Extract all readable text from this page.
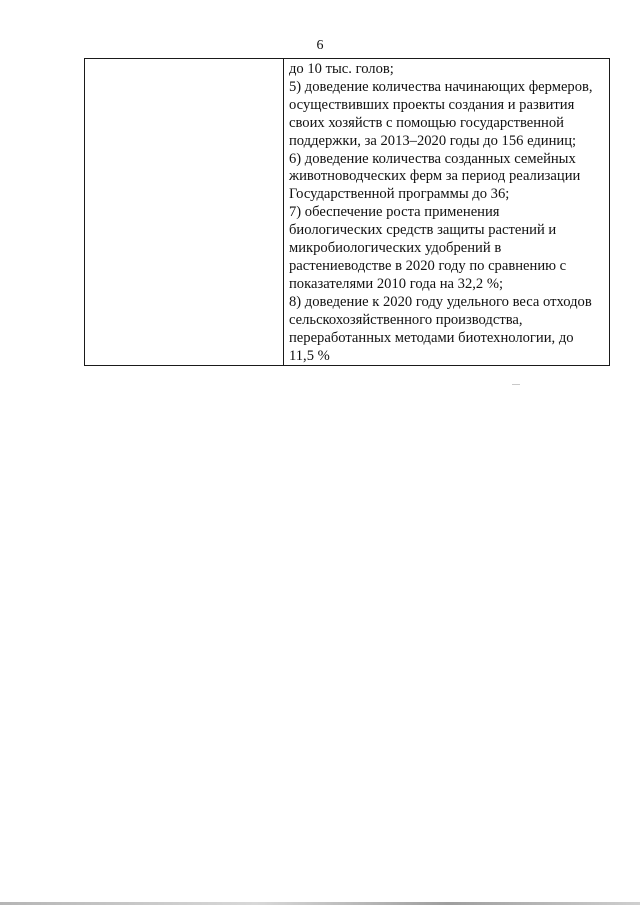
6

до 10 тыс. голов;
5) доведение количества начинающих фермеров,
осуществивших проекты создания и развития
своих хозяйств с помощью государственной
поддержки, за 2013–2020 годы до 156 единиц;
6) доведение количества созданных семейных
животноводческих ферм за период реализации
Государственной программы до 36;
7) обеспечение роста применения
биологических средств защиты растений и
микробиологических удобрений в
растениеводстве в 2020 году по сравнению с
показателями 2010 года на 32,2 %;
8) доведение к 2020 году удельного веса отходов
сельскохозяйственного производства,
переработанных методами биотехнологии, до
11,5 %
